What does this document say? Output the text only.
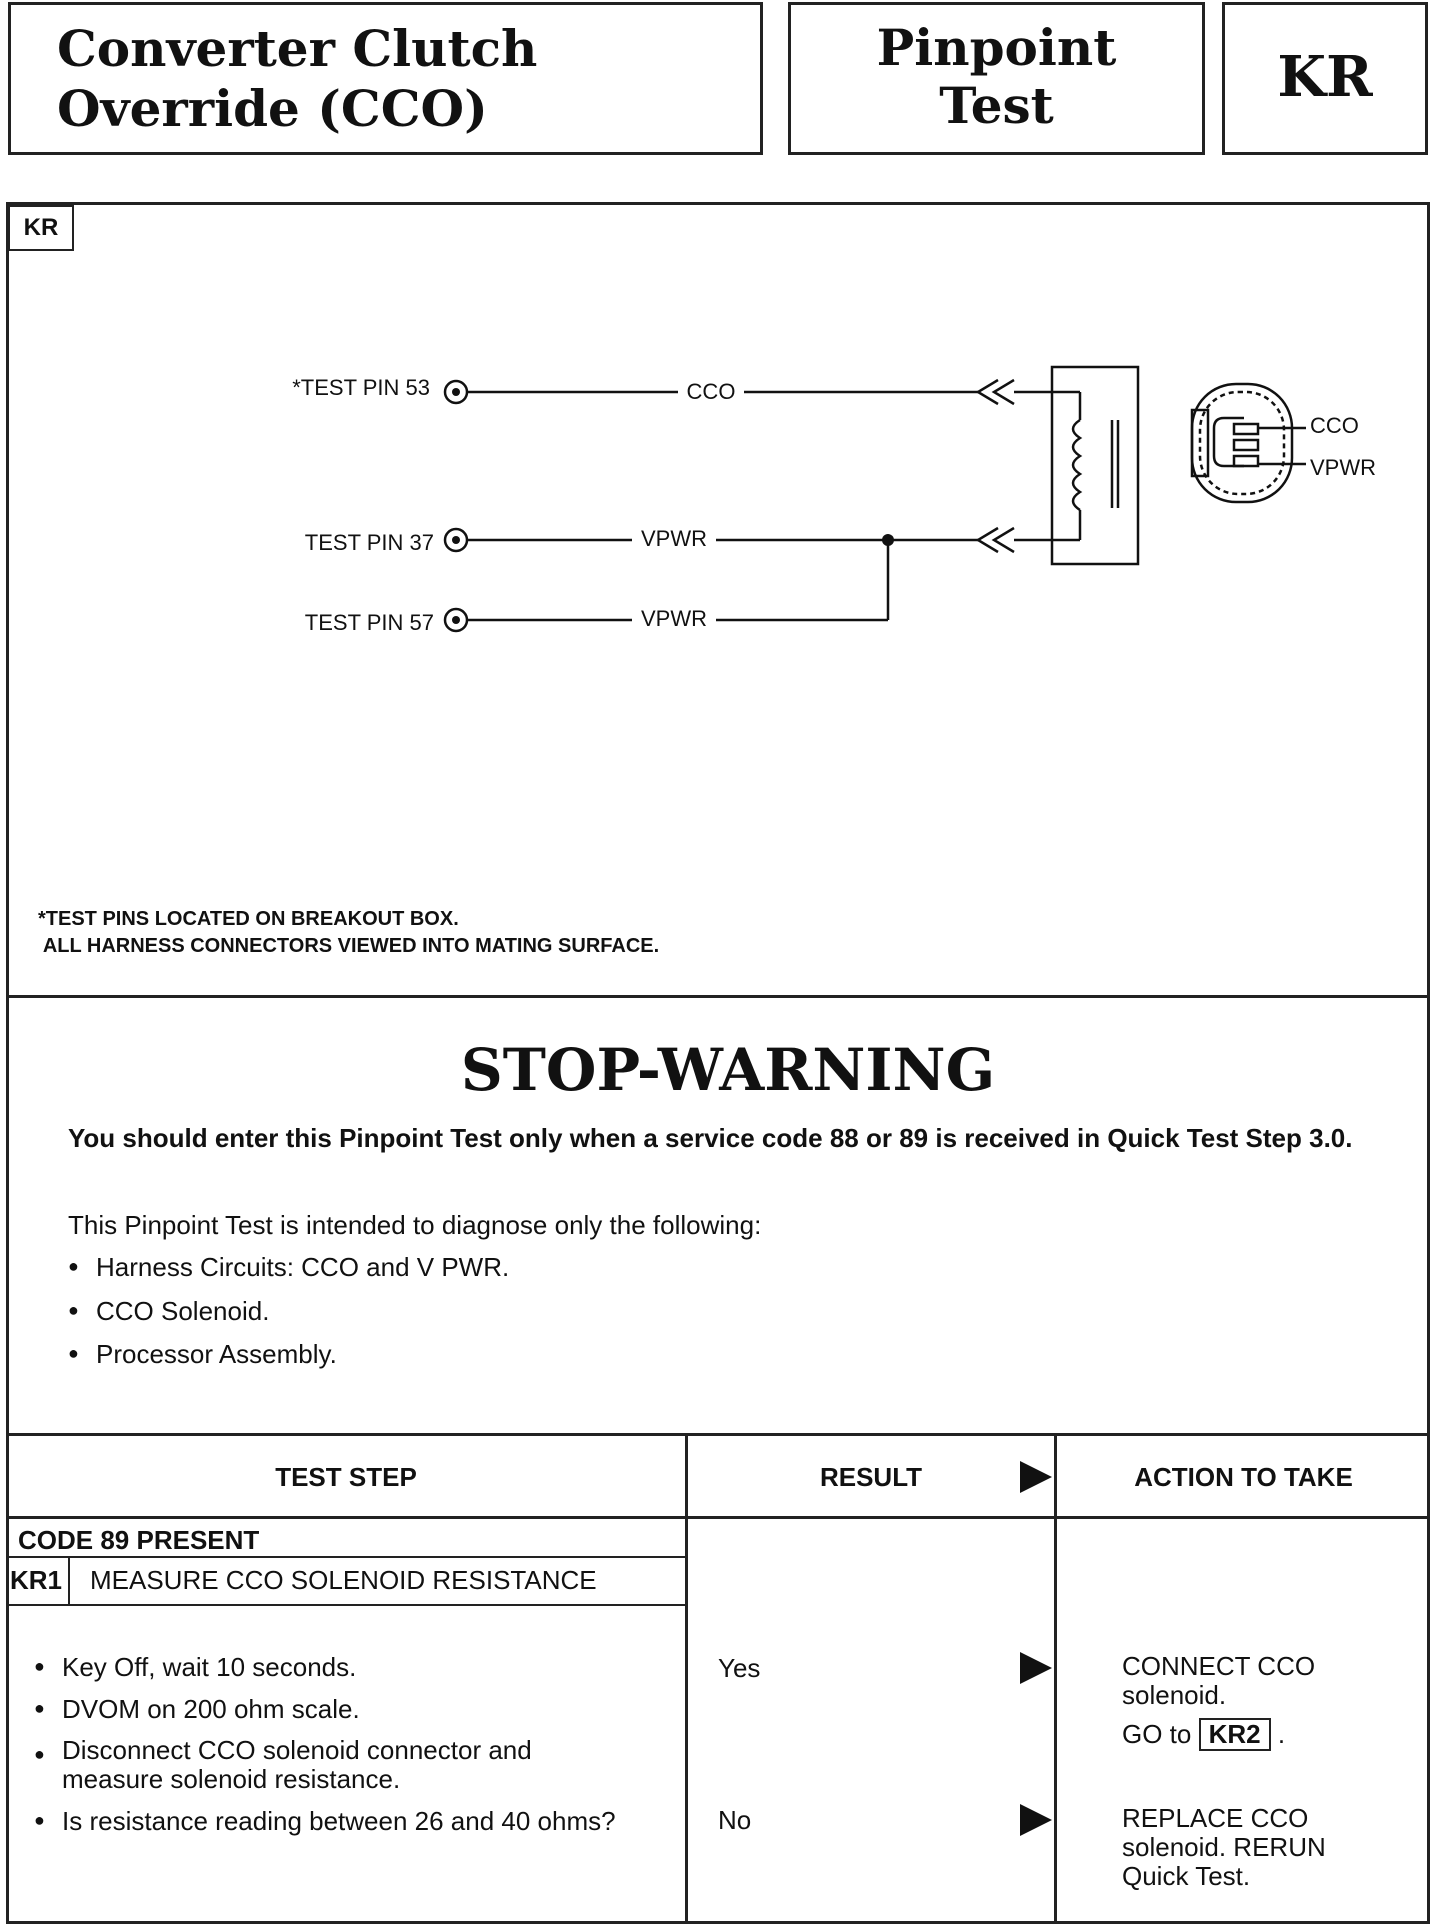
Converter Clutch
Override (CCO)
Pinpoint
Test	KR
KR
*TEST PIN 53
TEST PIN 37
TEST PIN 57
CCO
VPWR
VPWR
CCO
VPWR
*TEST PINS LOCATED ON BREAKOUT BOX.
ALL HARNESS CONNECTORS VIEWED INTO MATING SURFACE.
STOP-WARNING
You should enter this Pinpoint Test only when a service code 88 or 89 is received in Quick Test Step 3.0.
This Pinpoint Test is intended to diagnose only the following:
● Harness Circuits: CCO and V PWR.
● CCO Solenoid.
● Processor Assembly.
TEST STEP	RESULT	ACTION TO TAKE
CODE 89 PRESENT
KR1 MEASURE CCO SOLENOID RESISTANCE
● Key Off, wait 10 seconds.
● DVOM on 200 ohm scale.
● Disconnect CCO solenoid connector and measure solenoid resistance.
● Is resistance reading between 26 and 40 ohms?
Yes	CONNECT CCO
solenoid.
GO to KR2 .
No	REPLACE CCO
solenoid. RERUN
Quick Test.
